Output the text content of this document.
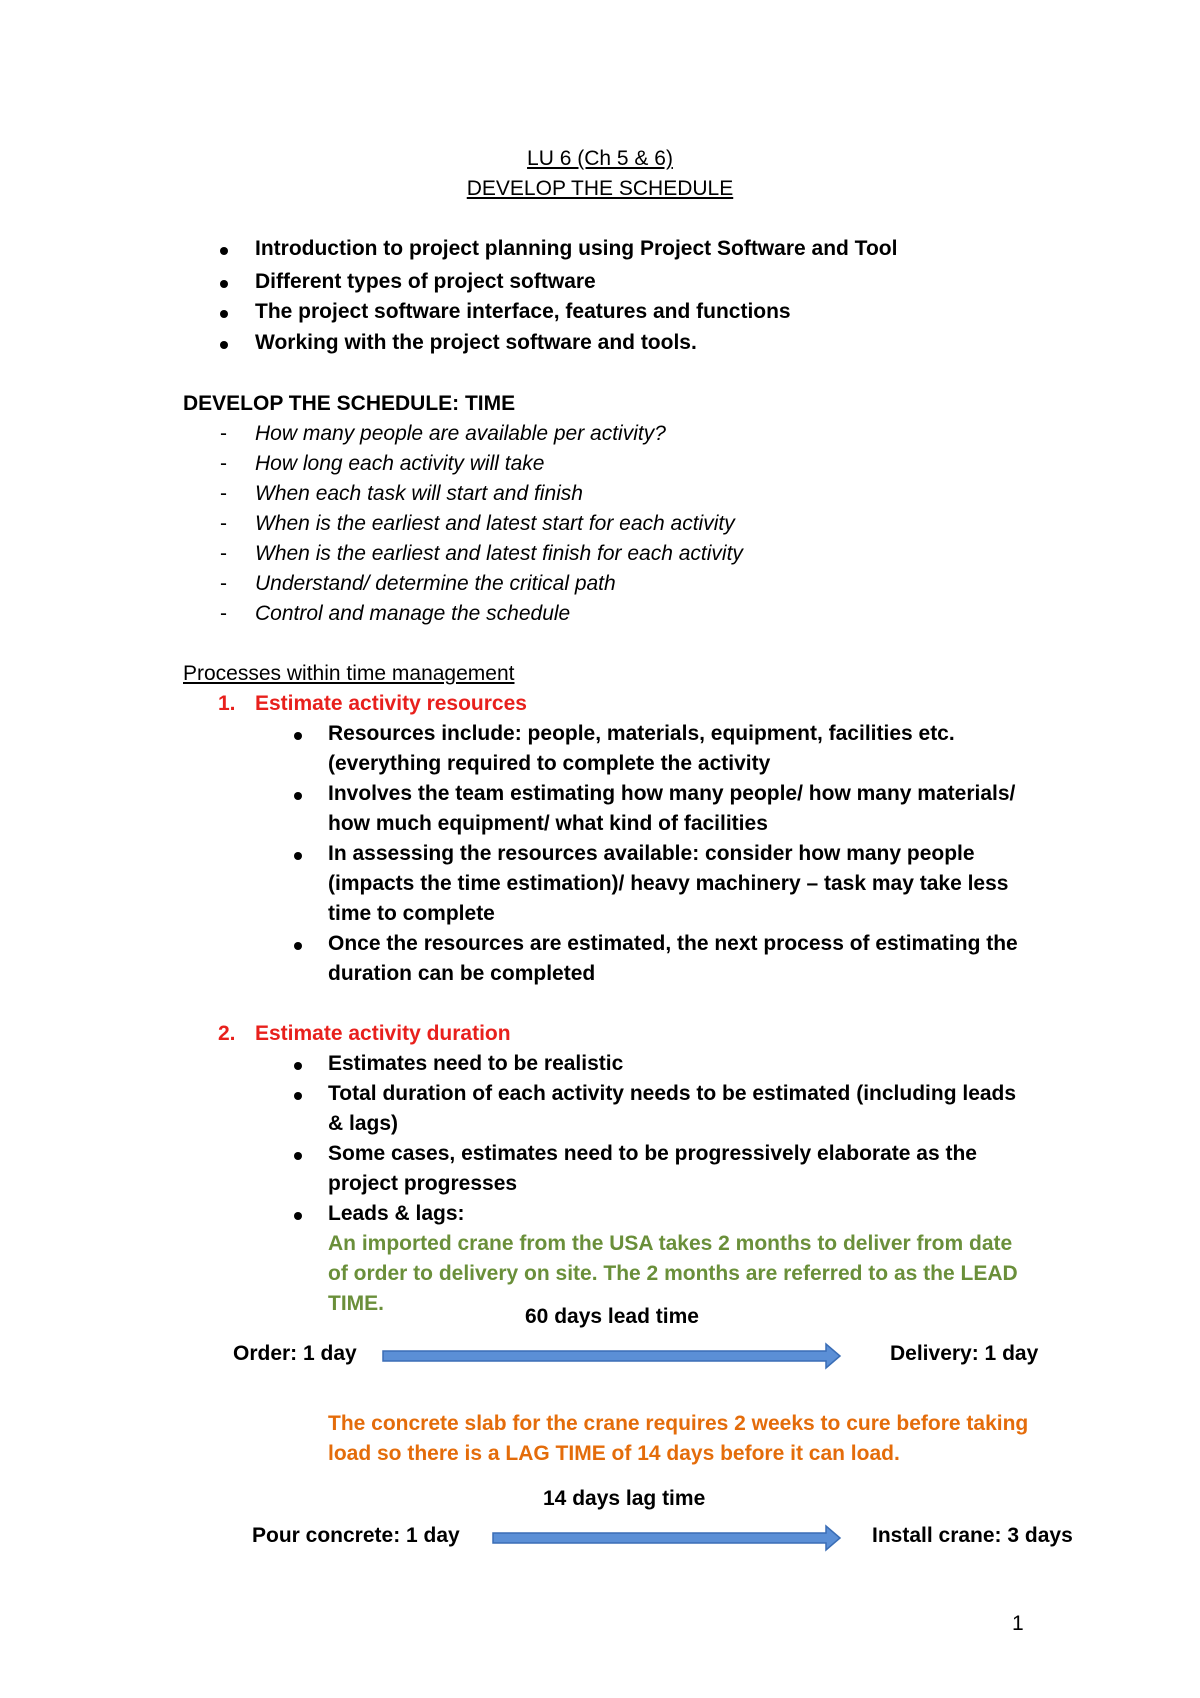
LU 6 (Ch 5 & 6)
DEVELOP THE SCHEDULE
Introduction to project planning using Project Software and Tool
Different types of project software
The project software interface, features and functions
Working with the project software and tools.
DEVELOP THE SCHEDULE: TIME
- How many people are available per activity?
- How long each activity will take
- When each task will start and finish
- When is the earliest and latest start for each activity
- When is the earliest and latest finish for each activity
- Understand/ determine the critical path
- Control and manage the schedule
Processes within time management
1. Estimate activity resources
Resources include: people, materials, equipment, facilities etc.
(everything required to complete the activity
Involves the team estimating how many people/ how many materials/
how much equipment/ what kind of facilities
In assessing the resources available: consider how many people
(impacts the time estimation)/ heavy machinery – task may take less
time to complete
Once the resources are estimated, the next process of estimating the
duration can be completed
2. Estimate activity duration
Estimates need to be realistic
Total duration of each activity needs to be estimated (including leads
& lags)
Some cases, estimates need to be progressively elaborate as the
project progresses
Leads & lags:
An imported crane from the USA takes 2 months to deliver from date
of order to delivery on site. The 2 months are referred to as the LEAD
TIME.
60 days lead time
Order: 1 day	Delivery: 1 day
The concrete slab for the crane requires 2 weeks to cure before taking
load so there is a LAG TIME of 14 days before it can load.
14 days lag time
Pour concrete: 1 day	Install crane: 3 days
1
